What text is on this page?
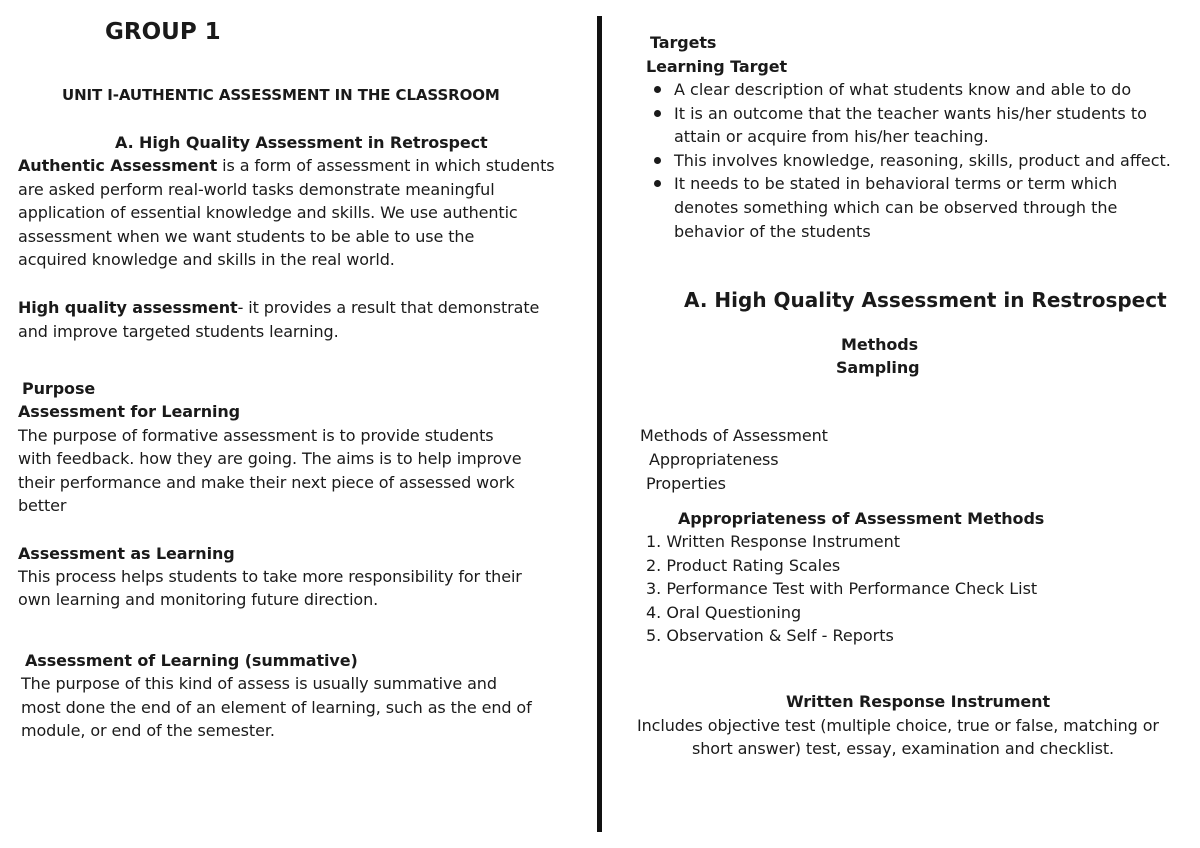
GROUP 1
UNIT I-AUTHENTIC ASSESSMENT IN THE CLASSROOM
A. High Quality Assessment in Retrospect
Authentic Assessment is a form of assessment in which students
are asked perform real-world tasks demonstrate meaningful
application of essential knowledge and skills. We use authentic
assessment when we want students to be able to use the
acquired knowledge and skills in the real world.
High quality assessment- it provides a result that demonstrate
and improve targeted students learning.
Purpose
Assessment for Learning
The purpose of formative assessment is to provide students
with feedback. how they are going. The aims is to help improve
their performance and make their next piece of assessed work
better
Assessment as Learning
This process helps students to take more responsibility for their
own learning and monitoring future direction.
Assessment of Learning (summative)
The purpose of this kind of assess is usually summative and
most done the end of an element of learning, such as the end of
module, or end of the semester.
Targets
Learning Target
A clear description of what students know and able to do
It is an outcome that the teacher wants his/her students to
attain or acquire from his/her teaching.
This involves knowledge, reasoning, skills, product and affect.
It needs to be stated in behavioral terms or term which
denotes something which can be observed through the
behavior of the students
A. High Quality Assessment in Restrospect
Methods
Sampling
Methods of Assessment
Appropriateness
Properties
Appropriateness of Assessment Methods
1. Written Response Instrument
2. Product Rating Scales
3. Performance Test with Performance Check List
4. Oral Questioning
5. Observation & Self - Reports
Written Response Instrument
Includes objective test (multiple choice, true or false, matching or
short answer) test, essay, examination and checklist.
